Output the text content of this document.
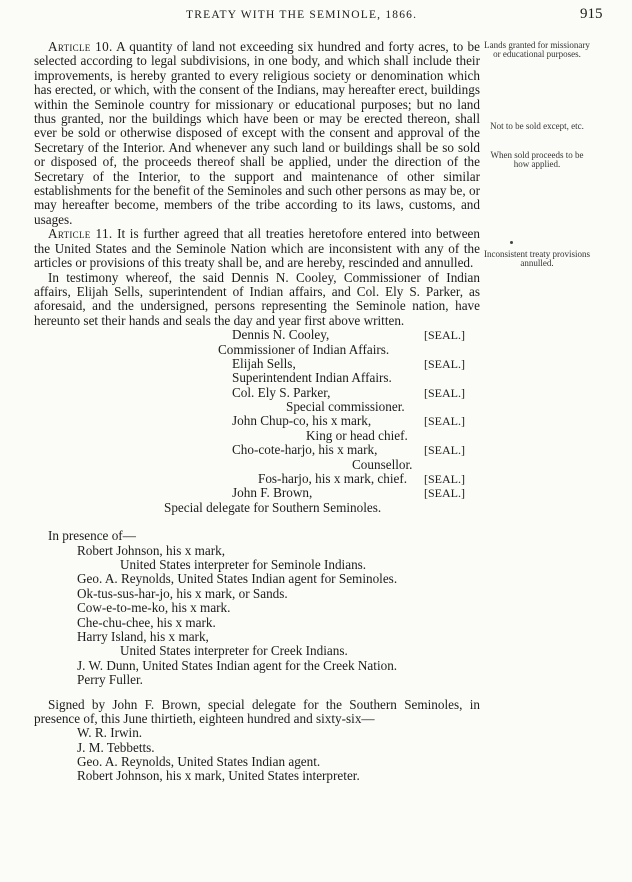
TREATY WITH THE SEMINOLE, 1866.	915

Article 10. A quantity of land not exceeding six hundred and forty acres, to be selected according to legal subdivisions, in one body, and which shall include their improvements, is hereby granted to every religious society or denomination which has erected, or which, with the consent of the Indians, may hereafter erect, buildings within the Seminole country for missionary or educational purposes; but no land thus granted, nor the buildings which have been or may be erected thereon, shall ever be sold or otherwise disposed of except with the consent and approval of the Secretary of the Interior. And whenever any such land or buildings shall be so sold or disposed of, the proceeds thereof shall be applied, under the direction of the Secretary of the Interior, to the support and maintenance of other similar establishments for the benefit of the Seminoles and such other persons as may be, or may hereafter become, members of the tribe according to its laws, customs, and usages.

Article 11. It is further agreed that all treaties heretofore entered into between the United States and the Seminole Nation which are inconsistent with any of the articles or provisions of this treaty shall be, and are hereby, rescinded and annulled.

In testimony whereof, the said Dennis N. Cooley, Commissioner of Indian affairs, Elijah Sells, superintendent of Indian affairs, and Col. Ely S. Parker, as aforesaid, and the undersigned, persons representing the Seminole nation, have hereunto set their hands and seals the day and year first above written.

Dennis N. Cooley,	[SEAL.]
Commissioner of Indian Affairs.
Elijah Sells,	[SEAL.]
Superintendent Indian Affairs.
Col. Ely S. Parker,	[SEAL.]
Special commissioner.
John Chup-co, his x mark,	[SEAL.]
King or head chief.
Cho-cote-harjo, his x mark,	[SEAL.]
Counsellor.
Fos-harjo, his x mark, chief. [SEAL.]
John F. Brown,	[SEAL.]
Special delegate for Southern Seminoles.
In presence of—
Robert Johnson, his x mark,
United States interpreter for Seminole Indians.
Geo. A. Reynolds, United States Indian agent for Seminoles.
Ok-tus-sus-har-jo, his x mark, or Sands.
Cow-e-to-me-ko, his x mark.
Che-chu-chee, his x mark.
Harry Island, his x mark,
United States interpreter for Creek Indians.
J. W. Dunn, United States Indian agent for the Creek Nation.
Perry Fuller.

Signed by John F. Brown, special delegate for the Southern Seminoles, in presence of, this June thirtieth, eighteen hundred and sixty-six—

W. R. Irwin.
J. M. Tebbetts.
Geo. A. Reynolds, United States Indian agent.
Robert Johnson, his x mark, United States interpreter.
Lands granted for missionary or educational purposes.
Not to be sold except, etc.
When sold proceeds to be how applied.
Inconsistent treaty provisions annulled.
